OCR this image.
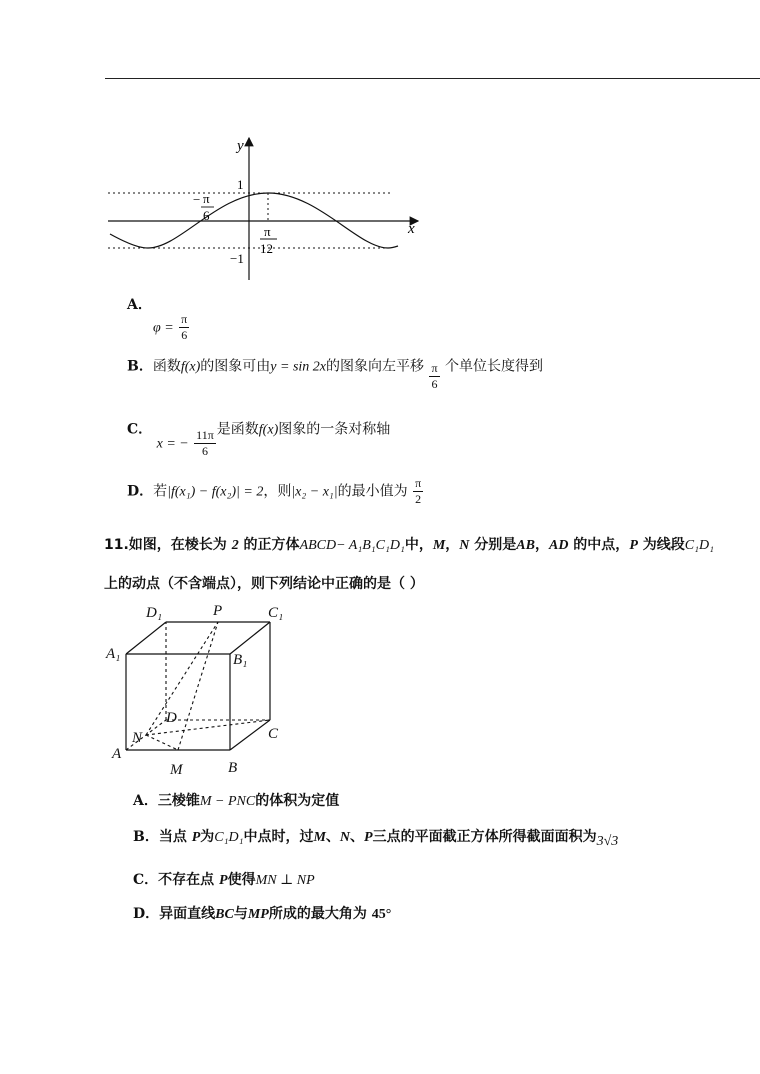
y
x
1
−1
− π
6
π
12
A．
$\varphi = \frac{\pi}{6}$
B．函数f(x)的图象可由y = sin 2x的图象向左平移 $\frac{\pi}{6}$ 个单位长度得到
C． x = − $\frac{11\pi}{6}$ 是函数f(x)图象的一条对称轴
D．若|f(x₁) − f(x₂)| = 2，则|x₂ − x₁|的最小值为 $\frac{\pi}{2}$
11.如图，在棱长为 2 的正方体ABCD− A₁B₁C₁D₁中，M，N 分别是AB，AD 的中点，P 为线段C₁D₁
上的动点（不含端点），则下列结论中正确的是（ ）
D₁	P	C₁
A₁	B₁
D
N	C
A
M	B
A．三棱锥M − PNC的体积为定值
B．当点 P为C₁D₁中点时，过M、N、P三点的平面截正方体所得截面面积为3√3
C．不存在点 P使得MN ⊥ NP
D．异面直线BC与MP所成的最大角为 45°
